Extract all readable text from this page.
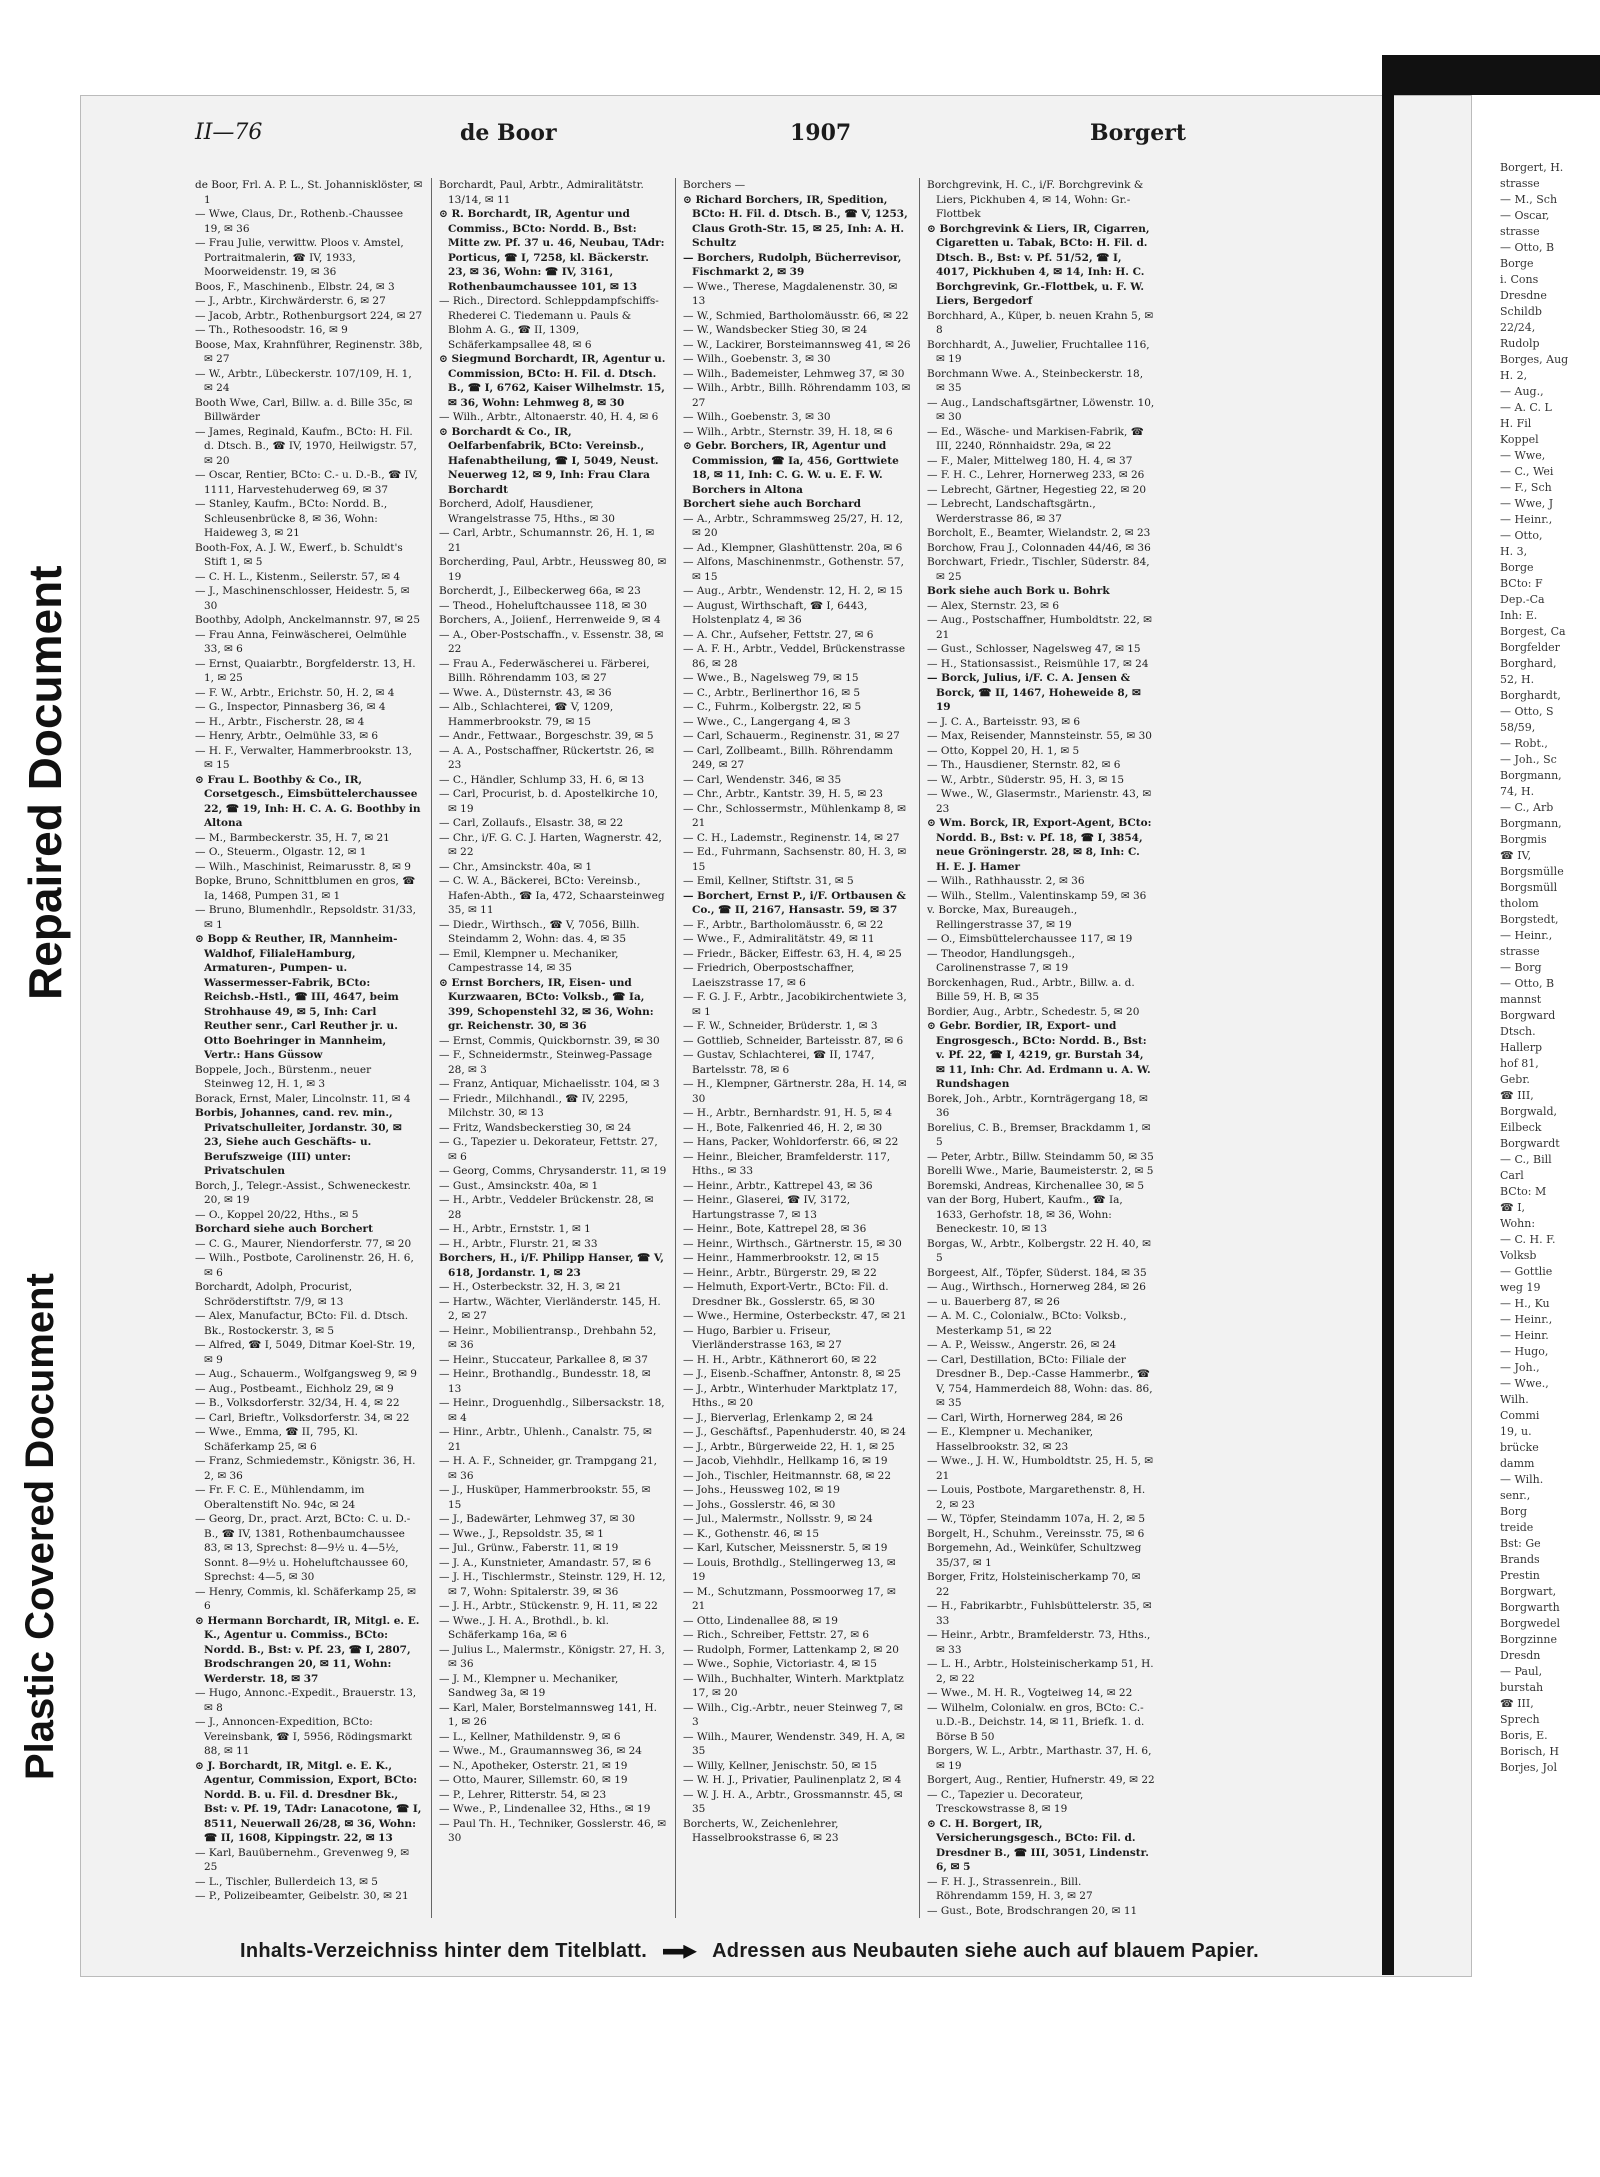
Repaired Document
Plastic Covered Document
II—76	de Boor	1907	Borgert

de Boor, Frl. A. P. L., St. Johannisklöster, ✉ 1

— Wwe, Claus, Dr., Rothenb.-Chaussee 19, ✉ 36

— Frau Julie, verwittw. Ploos v. Amstel, Portraitmalerin, ☎ IV, 1933, Moorweidenstr. 19, ✉ 36

Boos, F., Maschinenb., Elbstr. 24, ✉ 3

— J., Arbtr., Kirchwärderstr. 6, ✉ 27

— Jacob, Arbtr., Rothenburgsort 224, ✉ 27

— Th., Rothesoodstr. 16, ✉ 9

Boose, Max, Krahnführer, Reginenstr. 38b, ✉ 27

— W., Arbtr., Lübeckerstr. 107/109, H. 1, ✉ 24

Booth Wwe, Carl, Billw. a. d. Bille 35c, ✉ Billwärder

— James, Reginald, Kaufm., BCto: H. Fil. d. Dtsch. B., ☎ IV, 1970, Heilwigstr. 57, ✉ 20

— Oscar, Rentier, BCto: C.- u. D.-B., ☎ IV, 1111, Harvestehuderweg 69, ✉ 37

— Stanley, Kaufm., BCto: Nordd. B., Schleusenbrücke 8, ✉ 36, Wohn: Haideweg 3, ✉ 21

Booth-Fox, A. J. W., Ewerf., b. Schuldt's Stift 1, ✉ 5

— C. H. L., Kistenm., Seilerstr. 57, ✉ 4

— J., Maschinenschlosser, Heidestr. 5, ✉ 30

Boothby, Adolph, Anckelmannstr. 97, ✉ 25

— Frau Anna, Feinwäscherei, Oelmühle 33, ✉ 6

— Ernst, Quaiarbtr., Borgfelderstr. 13, H. 1, ✉ 25

— F. W., Arbtr., Erichstr. 50, H. 2, ✉ 4

— G., Inspector, Pinnasberg 36, ✉ 4

— H., Arbtr., Fischerstr. 28, ✉ 4

— Henry, Arbtr., Oelmühle 33, ✉ 6

— H. F., Verwalter, Hammerbrookstr. 13, ✉ 15

⊙ Frau L. Boothby & Co., IR, Corsetgesch., Eimsbüttelerchaussee 22, ☎ 19, Inh: H. C. A. G. Boothby in Altona

— M., Barmbeckerstr. 35, H. 7, ✉ 21

— O., Steuerm., Olgastr. 12, ✉ 1

— Wilh., Maschinist, Reimarusstr. 8, ✉ 9

Bopke, Bruno, Schnittblumen en gros, ☎ Ia, 1468, Pumpen 31, ✉ 1

— Bruno, Blumenhdlr., Repsoldstr. 31/33, ✉ 1

⊙ Bopp & Reuther, IR, Mannheim-Waldhof, FilialeHamburg, Armaturen-, Pumpen- u. Wassermesser-Fabrik, BCto: Reichsb.-Hstl., ☎ III, 4647, beim Strohhause 49, ✉ 5, Inh: Carl Reuther senr., Carl Reuther jr. u. Otto Boehringer in Mannheim, Vertr.: Hans Güssow

Boppele, Joch., Bürstenm., neuer Steinweg 12, H. 1, ✉ 3

Borack, Ernst, Maler, Lincolnstr. 11, ✉ 4

Borbis, Johannes, cand. rev. min., Privatschulleiter, Jordanstr. 30, ✉ 23, Siehe auch Geschäfts- u. Berufszweige (III) unter: Privatschulen

Borch, J., Telegr.-Assist., Schweneckestr. 20, ✉ 19

— O., Koppel 20/22, Hths., ✉ 5

Borchard siehe auch Borchert

— C. G., Maurer, Niendorferstr. 77, ✉ 20

— Wilh., Postbote, Carolinenstr. 26, H. 6, ✉ 6

Borchardt, Adolph, Procurist, Schröderstiftstr. 7/9, ✉ 13

— Alex, Manufactur, BCto: Fil. d. Dtsch. Bk., Rostockerstr. 3, ✉ 5

— Alfred, ☎ I, 5049, Ditmar Koel-Str. 19, ✉ 9

— Aug., Schauerm., Wolfgangsweg 9, ✉ 9

— Aug., Postbeamt., Eichholz 29, ✉ 9

— B., Volksdorferstr. 32/34, H. 4, ✉ 22

— Carl, Brieftr., Volksdorferstr. 34, ✉ 22

— Wwe., Emma, ☎ II, 795, Kl. Schäferkamp 25, ✉ 6

— Franz, Schmiedemstr., Königstr. 36, H. 2, ✉ 36

— Fr. F. C. E., Mühlendamm, im Oberaltenstift No. 94c, ✉ 24

— Georg, Dr., pract. Arzt, BCto: C. u. D.-B., ☎ IV, 1381, Rothenbaumchaussee 83, ✉ 13, Sprechst: 8—9½ u. 4—5½, Sonnt. 8—9½ u. Hoheluftchaussee 60, Sprechst: 4—5, ✉ 30

— Henry, Commis, kl. Schäferkamp 25, ✉ 6

⊙ Hermann Borchardt, IR, Mitgl. e. E. K., Agentur u. Commiss., BCto: Nordd. B., Bst: v. Pf. 23, ☎ I, 2807, Brodschrangen 20, ✉ 11, Wohn: Werderstr. 18, ✉ 37

— Hugo, Annonc.-Expedit., Brauerstr. 13, ✉ 8

— J., Annoncen-Expedition, BCto: Vereinsbank, ☎ I, 5956, Rödingsmarkt 88, ✉ 11

⊙ J. Borchardt, IR, Mitgl. e. E. K., Agentur, Commission, Export, BCto: Nordd. B. u. Fil. d. Dresdner Bk., Bst: v. Pf. 19, TAdr: Lanacotone, ☎ I, 8511, Neuerwall 26/28, ✉ 36, Wohn: ☎ II, 1608, Kippingstr. 22, ✉ 13

— Karl, Bauübernehm., Grevenweg 9, ✉ 25

— L., Tischler, Bullerdeich 13, ✉ 5

— P., Polizeibeamter, Geibelstr. 30, ✉ 21

Borchardt, Paul, Arbtr., Admiralitätstr. 13/14, ✉ 11

⊙ R. Borchardt, IR, Agentur und Commiss., BCto: Nordd. B., Bst: Mitte zw. Pf. 37 u. 46, Neubau, TAdr: Porticus, ☎ I, 7258, kl. Bäckerstr. 23, ✉ 36, Wohn: ☎ IV, 3161, Rothenbaumchaussee 101, ✉ 13

— Rich., Directord. Schleppdampfschiffs-Rhederei C. Tiedemann u. Pauls & Blohm A. G., ☎ II, 1309, Schäferkampsallee 48, ✉ 6

⊙ Siegmund Borchardt, IR, Agentur u. Commission, BCto: H. Fil. d. Dtsch. B., ☎ I, 6762, Kaiser Wilhelmstr. 15, ✉ 36, Wohn: Lehmweg 8, ✉ 30

— Wilh., Arbtr., Altonaerstr. 40, H. 4, ✉ 6

⊙ Borchardt & Co., IR, Oelfarbenfabrik, BCto: Vereinsb., Hafenabtheilung, ☎ I, 5049, Neust. Neuerweg 12, ✉ 9, Inh: Frau Clara Borchardt

Borcherd, Adolf, Hausdiener, Wrangelstrasse 75, Hths., ✉ 30

— Carl, Arbtr., Schumannstr. 26, H. 1, ✉ 21

Borcherding, Paul, Arbtr., Heussweg 80, ✉ 19

Borcherdt, J., Eilbeckerweg 66a, ✉ 23

— Theod., Hoheluftchaussee 118, ✉ 30

Borchers, A., Joiienf., Herrenweide 9, ✉ 4

— A., Ober-Postschaffn., v. Essenstr. 38, ✉ 22

— Frau A., Federwäscherei u. Färberei, Billh. Röhrendamm 103, ✉ 27

— Wwe. A., Düsternstr. 43, ✉ 36

— Alb., Schlachterei, ☎ V, 1209, Hammerbrookstr. 79, ✉ 15

— Andr., Fettwaar., Borgeschstr. 39, ✉ 5

— A. A., Postschaffner, Rückertstr. 26, ✉ 23

— C., Händler, Schlump 33, H. 6, ✉ 13

— Carl, Procurist, b. d. Apostelkirche 10, ✉ 19

— Carl, Zollaufs., Elsastr. 38, ✉ 22

— Chr., i/F. G. C. J. Harten, Wagnerstr. 42, ✉ 22

— Chr., Amsinckstr. 40a, ✉ 1

— C. W. A., Bäckerei, BCto: Vereinsb., Hafen-Abth., ☎ Ia, 472, Schaarsteinweg 35, ✉ 11

— Diedr., Wirthsch., ☎ V, 7056, Billh. Steindamm 2, Wohn: das. 4, ✉ 35

— Emil, Klempner u. Mechaniker, Campestrasse 14, ✉ 35

⊙ Ernst Borchers, IR, Eisen- und Kurzwaaren, BCto: Volksb., ☎ Ia, 399, Schopenstehl 32, ✉ 36, Wohn: gr. Reichenstr. 30, ✉ 36

— Ernst, Commis, Quickbornstr. 39, ✉ 30

— F., Schneidermstr., Steinweg-Passage 28, ✉ 3

— Franz, Antiquar, Michaelisstr. 104, ✉ 3

— Friedr., Milchhandl., ☎ IV, 2295, Milchstr. 30, ✉ 13

— Fritz, Wandsbeckerstieg 30, ✉ 24

— G., Tapezier u. Dekorateur, Fettstr. 27, ✉ 6

— Georg, Comms, Chrysanderstr. 11, ✉ 19

— Gust., Amsinckstr. 40a, ✉ 1

— H., Arbtr., Veddeler Brückenstr. 28, ✉ 28

— H., Arbtr., Ernststr. 1, ✉ 1

— H., Arbtr., Flurstr. 21, ✉ 33

Borchers, H., i/F. Philipp Hanser, ☎ V, 618, Jordanstr. 1, ✉ 23

— H., Osterbeckstr. 32, H. 3, ✉ 21

— Hartw., Wächter, Vierländerstr. 145, H. 2, ✉ 27

— Heinr., Mobilientransp., Drehbahn 52, ✉ 36

— Heinr., Stuccateur, Parkallee 8, ✉ 37

— Heinr., Brothandlg., Bundesstr. 18, ✉ 13

— Heinr., Droguenhdlg., Silbersackstr. 18, ✉ 4

— Hinr., Arbtr., Uhlenh., Canalstr. 75, ✉ 21

— H. A. F., Schneider, gr. Trampgang 21, ✉ 36

— J., Husküper, Hammerbrookstr. 55, ✉ 15

— J., Badewärter, Lehmweg 37, ✉ 30

— Wwe., J., Repsoldstr. 35, ✉ 1

— Jul., Grünw., Faberstr. 11, ✉ 19

— J. A., Kunstnieter, Amandastr. 57, ✉ 6

— J. H., Tischlermstr., Steinstr. 129, H. 12, ✉ 7, Wohn: Spitalerstr. 39, ✉ 36

— J. H., Arbtr., Stückenstr. 9, H. 11, ✉ 22

— Wwe., J. H. A., Brothdl., b. kl. Schäferkamp 16a, ✉ 6

— Julius L., Malermstr., Königstr. 27, H. 3, ✉ 36

— J. M., Klempner u. Mechaniker, Sandweg 3a, ✉ 19

— Karl, Maler, Borstelmannsweg 141, H. 1, ✉ 26

— L., Kellner, Mathildenstr. 9, ✉ 6

— Wwe., M., Graumannsweg 36, ✉ 24

— N., Apotheker, Osterstr. 21, ✉ 19

— Otto, Maurer, Sillemstr. 60, ✉ 19

— P., Lehrer, Ritterstr. 54, ✉ 23

— Wwe., P., Lindenallee 32, Hths., ✉ 19

— Paul Th. H., Techniker, Gosslerstr. 46, ✉ 30

Borchers —

⊙ Richard Borchers, IR, Spedition, BCto: H. Fil. d. Dtsch. B., ☎ V, 1253, Claus Groth-Str. 15, ✉ 25, Inh: A. H. Schultz

— Borchers, Rudolph, Bücherrevisor, Fischmarkt 2, ✉ 39

— Wwe., Therese, Magdalenenstr. 30, ✉ 13

— W., Schmied, Bartholomäusstr. 66, ✉ 22

— W., Wandsbecker Stieg 30, ✉ 24

— W., Lackirer, Borsteimannsweg 41, ✉ 26

— Wilh., Goebenstr. 3, ✉ 30

— Wilh., Bademeister, Lehmweg 37, ✉ 30

— Wilh., Arbtr., Billh. Röhrendamm 103, ✉ 27

— Wilh., Goebenstr. 3, ✉ 30

— Wilh., Arbtr., Sternstr. 39, H. 18, ✉ 6

⊙ Gebr. Borchers, IR, Agentur und Commission, ☎ Ia, 456, Gorttwiete 18, ✉ 11, Inh: C. G. W. u. E. F. W. Borchers in Altona

Borchert siehe auch Borchard

— A., Arbtr., Schrammsweg 25/27, H. 12, ✉ 20

— Ad., Klempner, Glashüttenstr. 20a, ✉ 6

— Alfons, Maschinenmstr., Gothenstr. 57, ✉ 15

— Aug., Arbtr., Wendenstr. 12, H. 2, ✉ 15

— August, Wirthschaft, ☎ I, 6443, Holstenplatz 4, ✉ 36

— A. Chr., Aufseher, Fettstr. 27, ✉ 6

— A. F. H., Arbtr., Veddel, Brückenstrasse 86, ✉ 28

— Wwe., B., Nagelsweg 79, ✉ 15

— C., Arbtr., Berlinerthor 16, ✉ 5

— C., Fuhrm., Kolbergstr. 22, ✉ 5

— Wwe., C., Langergang 4, ✉ 3

— Carl, Schauerm., Reginenstr. 31, ✉ 27

— Carl, Zollbeamt., Billh. Röhrendamm 249, ✉ 27

— Carl, Wendenstr. 346, ✉ 35

— Chr., Arbtr., Kantstr. 39, H. 5, ✉ 23

— Chr., Schlossermstr., Mühlenkamp 8, ✉ 21

— C. H., Lademstr., Reginenstr. 14, ✉ 27

— Ed., Fuhrmann, Sachsenstr. 80, H. 3, ✉ 15

— Emil, Kellner, Stiftstr. 31, ✉ 5

— Borchert, Ernst P., i/F. Ortbausen & Co., ☎ II, 2167, Hansastr. 59, ✉ 37

— F., Arbtr., Bartholomäusstr. 6, ✉ 22

— Wwe., F., Admiralitätstr. 49, ✉ 11

— Friedr., Bäcker, Eiffestr. 63, H. 4, ✉ 25

— Friedrich, Oberpostschaffner, Laeiszstrasse 17, ✉ 6

— F. G. J. F., Arbtr., Jacobikirchentwiete 3, ✉ 1

— F. W., Schneider, Brüderstr. 1, ✉ 3

— Gottlieb, Schneider, Barteisstr. 87, ✉ 6

— Gustav, Schlachterei, ☎ II, 1747, Bartelsstr. 78, ✉ 6

— H., Klempner, Gärtnerstr. 28a, H. 14, ✉ 30

— H., Arbtr., Bernhardstr. 91, H. 5, ✉ 4

— H., Bote, Falkenried 46, H. 2, ✉ 30

— Hans, Packer, Wohldorferstr. 66, ✉ 22

— Heinr., Bleicher, Bramfelderstr. 117, Hths., ✉ 33

— Heinr., Arbtr., Kattrepel 43, ✉ 36

— Heinr., Glaserei, ☎ IV, 3172, Hartungstrasse 7, ✉ 13

— Heinr., Bote, Kattrepel 28, ✉ 36

— Heinr., Wirthsch., Gärtnerstr. 15, ✉ 30

— Heinr., Hammerbrookstr. 12, ✉ 15

— Heinr., Arbtr., Bürgerstr. 29, ✉ 22

— Helmuth, Export-Vertr., BCto: Fil. d. Dresdner Bk., Gosslerstr. 65, ✉ 30

— Wwe., Hermine, Osterbeckstr. 47, ✉ 21

— Hugo, Barbier u. Friseur, Vierländerstrasse 163, ✉ 27

— H. H., Arbtr., Käthnerort 60, ✉ 22

— J., Eisenb.-Schaffner, Antonstr. 8, ✉ 25

— J., Arbtr., Winterhuder Marktplatz 17, Hths., ✉ 20

— J., Bierverlag, Erlenkamp 2, ✉ 24

— J., Geschäftsf., Papenhuderstr. 40, ✉ 24

— J., Arbtr., Bürgerweide 22, H. 1, ✉ 25

— Jacob, Viehhdlr., Hellkamp 16, ✉ 19

— Joh., Tischler, Heitmannstr. 68, ✉ 22

— Johs., Heussweg 102, ✉ 19

— Johs., Gosslerstr. 46, ✉ 30

— Jul., Malermstr., Nollsstr. 9, ✉ 24

— K., Gothenstr. 46, ✉ 15

— Karl, Kutscher, Meissnerstr. 5, ✉ 19

— Louis, Brothdlg., Stellingerweg 13, ✉ 19

— M., Schutzmann, Possmoorweg 17, ✉ 21

— Otto, Lindenallee 88, ✉ 19

— Rich., Schreiber, Fettstr. 27, ✉ 6

— Rudolph, Former, Lattenkamp 2, ✉ 20

— Wwe., Sophie, Victoriastr. 4, ✉ 15

— Wilh., Buchhalter, Winterh. Marktplatz 17, ✉ 20

— Wilh., Cig.-Arbtr., neuer Steinweg 7, ✉ 3

— Wilh., Maurer, Wendenstr. 349, H. A, ✉ 35

— Willy, Kellner, Jenischstr. 50, ✉ 15

— W. H. J., Privatier, Paulinenplatz 2, ✉ 4

— W. J. H. A., Arbtr., Grossmannstr. 45, ✉ 35

Borcherts, W., Zeichenlehrer, Hasselbrookstrasse 6, ✉ 23

Borchgrevink, H. C., i/F. Borchgrevink & Liers, Pickhuben 4, ✉ 14, Wohn: Gr.-Flottbek

⊙ Borchgrevink & Liers, IR, Cigarren, Cigaretten u. Tabak, BCto: H. Fil. d. Dtsch. B., Bst: v. Pf. 51/52, ☎ I, 4017, Pickhuben 4, ✉ 14, Inh: H. C. Borchgrevink, Gr.-Flottbek, u. F. W. Liers, Bergedorf

Borchhard, A., Küper, b. neuen Krahn 5, ✉ 8

Borchhardt, A., Juwelier, Fruchtallee 116, ✉ 19

Borchmann Wwe. A., Steinbeckerstr. 18, ✉ 35

— Aug., Landschaftsgärtner, Löwenstr. 10, ✉ 30

— Ed., Wäsche- und Markisen-Fabrik, ☎ III, 2240, Rönnhaidstr. 29a, ✉ 22

— F., Maler, Mittelweg 180, H. 4, ✉ 37

— F. H. C., Lehrer, Hornerweg 233, ✉ 26

— Lebrecht, Gärtner, Hegestieg 22, ✉ 20

— Lebrecht, Landschaftsgärtn., Werderstrasse 86, ✉ 37

Borcholt, E., Beamter, Wielandstr. 2, ✉ 23

Borchow, Frau J., Colonnaden 44/46, ✉ 36

Borchwart, Friedr., Tischler, Süderstr. 84, ✉ 25

Bork siehe auch Bork u. Bohrk

— Alex, Sternstr. 23, ✉ 6

— Aug., Postschaffner, Humboldtstr. 22, ✉ 21

— Gust., Schlosser, Nagelsweg 47, ✉ 15

— H., Stationsassist., Reismühle 17, ✉ 24

— Borck, Julius, i/F. C. A. Jensen & Borck, ☎ II, 1467, Hoheweide 8, ✉ 19

— J. C. A., Barteisstr. 93, ✉ 6

— Max, Reisender, Mannsteinstr. 55, ✉ 30

— Otto, Koppel 20, H. 1, ✉ 5

— Th., Hausdiener, Sternstr. 82, ✉ 6

— W., Arbtr., Süderstr. 95, H. 3, ✉ 15

— Wwe., W., Glasermstr., Marienstr. 43, ✉ 23

⊙ Wm. Borck, IR, Export-Agent, BCto: Nordd. B., Bst: v. Pf. 18, ☎ I, 3854, neue Gröningerstr. 28, ✉ 8, Inh: C. H. E. J. Hamer

— Wilh., Rathhausstr. 2, ✉ 36

— Wilh., Stellm., Valentinskamp 59, ✉ 36

v. Borcke, Max, Bureaugeh., Rellingerstrasse 37, ✉ 19

— O., Eimsbüttelerchaussee 117, ✉ 19

— Theodor, Handlungsgeh., Carolinenstrasse 7, ✉ 19

Borckenhagen, Rud., Arbtr., Billw. a. d. Bille 59, H. B, ✉ 35

Bordier, Aug., Arbtr., Schedestr. 5, ✉ 20

⊙ Gebr. Bordier, IR, Export- und Engrosgesch., BCto: Nordd. B., Bst: v. Pf. 22, ☎ I, 4219, gr. Burstah 34, ✉ 11, Inh: Chr. Ad. Erdmann u. A. W. Rundshagen

Borek, Joh., Arbtr., Kornträgergang 18, ✉ 36

Borelius, C. B., Bremser, Brackdamm 1, ✉ 5

— Peter, Arbtr., Billw. Steindamm 50, ✉ 35

Borelli Wwe., Marie, Baumeisterstr. 2, ✉ 5

Boremski, Andreas, Kirchenallee 30, ✉ 5

van der Borg, Hubert, Kaufm., ☎ Ia, 1633, Gerhofstr. 18, ✉ 36, Wohn: Beneckestr. 10, ✉ 13

Borgas, W., Arbtr., Kolbergstr. 22 H. 40, ✉ 5

Borgeest, Alf., Töpfer, Süderst. 184, ✉ 35

— Aug., Wirthsch., Hornerweg 284, ✉ 26

— u. Bauerberg 87, ✉ 26

— A. M. C., Colonialw., BCto: Volksb., Mesterkamp 51, ✉ 22

— A. P., Weissw., Angerstr. 26, ✉ 24

— Carl, Destillation, BCto: Filiale der Dresdner B., Dep.-Casse Hammerbr., ☎ V, 754, Hammerdeich 88, Wohn: das. 86, ✉ 35

— Carl, Wirth, Hornerweg 284, ✉ 26

— E., Klempner u. Mechaniker, Hasselbrookstr. 32, ✉ 23

— Wwe., J. H. W., Humboldtstr. 25, H. 5, ✉ 21

— Louis, Postbote, Margarethenstr. 8, H. 2, ✉ 23

— W., Töpfer, Steindamm 107a, H. 2, ✉ 5

Borgelt, H., Schuhm., Vereinsstr. 75, ✉ 6

Borgemehn, Ad., Weinküfer, Schultzweg 35/37, ✉ 1

Borger, Fritz, Holsteinischerkamp 70, ✉ 22

— H., Fabrikarbtr., Fuhlsbüttelerstr. 35, ✉ 33

— Heinr., Arbtr., Bramfelderstr. 73, Hths., ✉ 33

— L. H., Arbtr., Holsteinischerkamp 51, H. 2, ✉ 22

— Wwe., M. H. R., Vogteiweg 14, ✉ 22

— Wilhelm, Colonialw. en gros, BCto: C.-u.D.-B., Deichstr. 14, ✉ 11, Briefk. 1. d. Börse B 50

Borgers, W. L., Arbtr., Marthastr. 37, H. 6, ✉ 19

Borgert, Aug., Rentier, Hufnerstr. 49, ✉ 22

— C., Tapezier u. Decorateur, Tresckowstrasse 8, ✉ 19

⊙ C. H. Borgert, IR, Versicherungsgesch., BCto: Fil. d. Dresdner B., ☎ III, 3051, Lindenstr. 6, ✉ 5

— F. H. J., Strassenrein., Bill. Röhrendamm 159, H. 3, ✉ 27

— Gust., Bote, Brodschrangen 20, ✉ 11

Borgert, H.
strasse
— M., Sch
— Oscar,
strasse
— Otto, B
Borge
i. Cons
Dresdne
Schildb
22/24,
Rudolp
Borges, Aug
H. 2,
— Aug.,
— A. C. L
H. Fil
Koppel
— Wwe,
— C., Wei
— F., Sch
— Wwe, J
— Heinr.,
— Otto,
H. 3,
Borge
BCto: F
Dep.-Ca
Inh: E.
Borgest, Ca
Borgfelder
Borghard,
52, H.
Borghardt,
— Otto, S
58/59,
— Robt.,
— Joh., Sc
Borgmann,
74, H.
— C., Arb
Borgmann,
Borgmis
☎ IV,
Borgsmülle
Borgsmüll
tholom
Borgstedt,
— Heinr.,
strasse
— Borg
— Otto, B
mannst
Borgward
Dtsch.
Hallerp
hof 81,
Gebr.
☎ III,
Borgwald,
Eilbeck
Borgwardt
— C., Bill
Carl
BCto: M
☎ I,
Wohn:
— C. H. F.
Volksb
— Gottlie
weg 19
— H., Ku
— Heinr.,
— Heinr.
— Hugo,
— Joh.,
— Wwe.,
Wilh.
Commi
19, u.
brücke
damm
— Wilh.
senr.,
Borg
treide
Bst: Ge
Brands
Prestin
Borgwart,
Borgwarth
Borgwedel
Borgzinne
Dresdn
— Paul,
burstah
☎ III,
Sprech
Boris, E.
Borisch, H
Borjes, Jol
Inhalts-Verzeichniss hinter dem Titelblatt.	Adressen aus Neubauten siehe auch auf blauem Papier.
